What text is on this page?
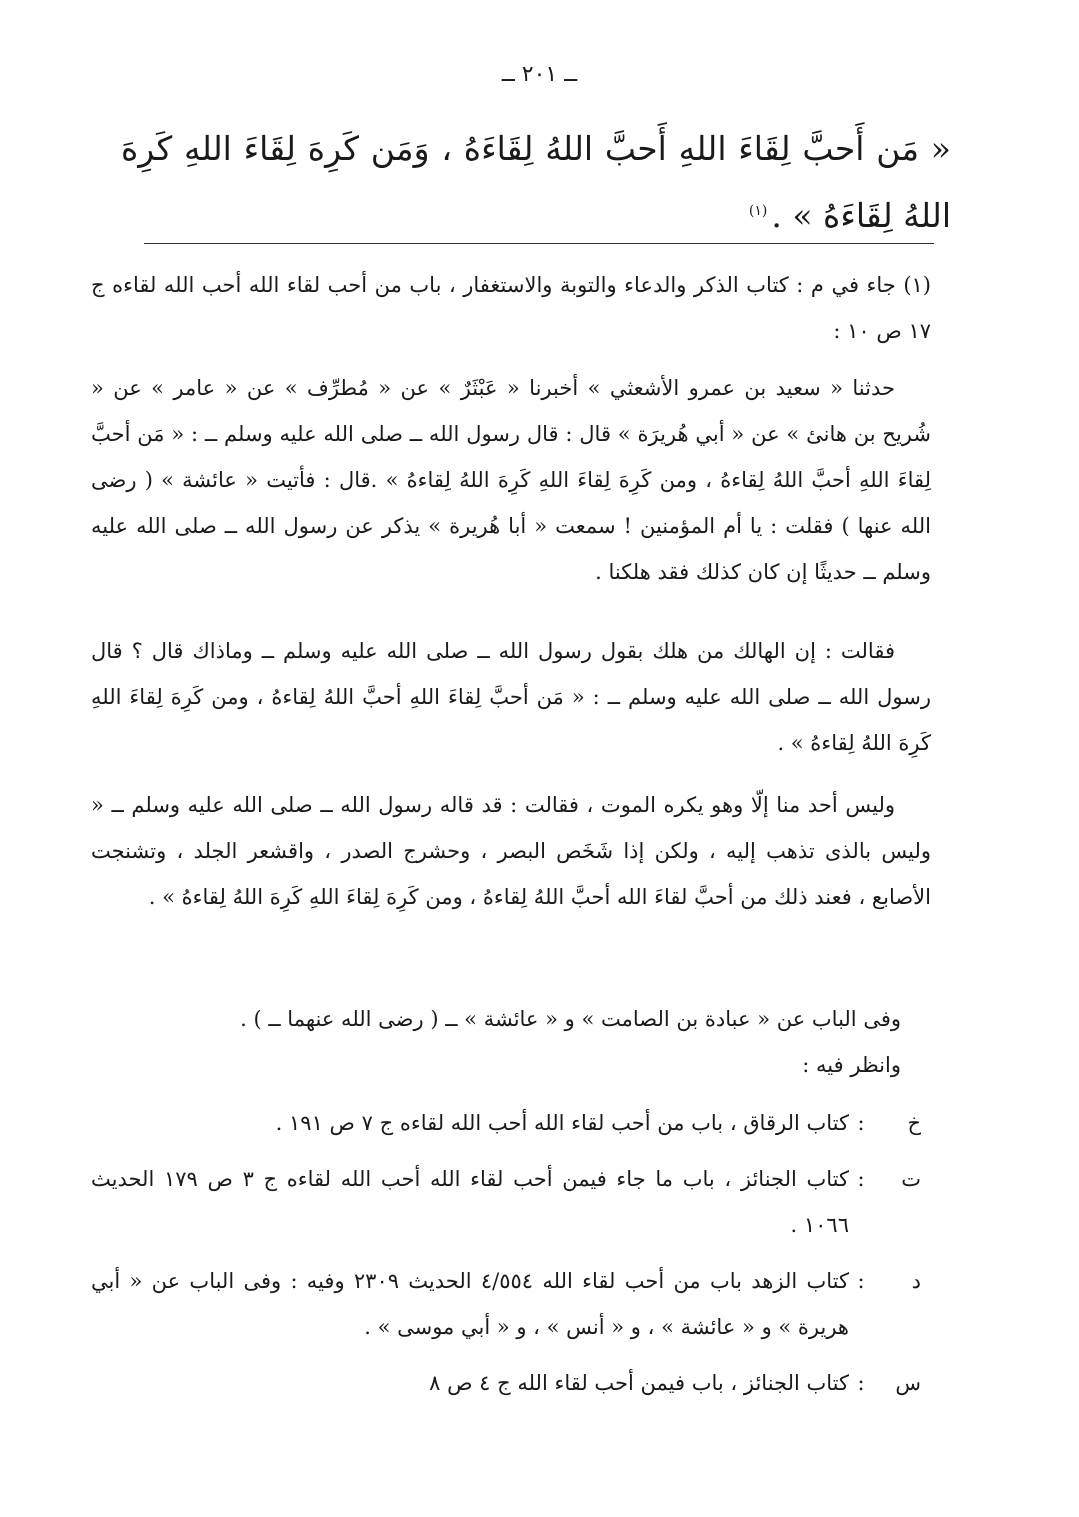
ــ ٢٠١ ــ
« مَن أَحبَّ لِقَاءَ اللهِ أَحبَّ اللهُ لِقَاءَهُ ، وَمَن كَرِهَ لِقَاءَ اللهِ كَرِهَ اللهُ لِقَاءَهُ » .$^{(١)}$
(١) جاء في م : كتاب الذكر والدعاء والتوبة والاستغفار ، باب من أحب لقاء الله أحب الله لقاءه ج ١٧ ص ١٠ :
حدثنا « سعيد بن عمرو الأشعثي » أخبرنا « عَبْثَرٌ » عن « مُطرِّف » عن « عامر » عن « شُريح بن هانئ » عن « أبي هُريرَة » قال : قال رسول الله ــ صلى الله عليه وسلم ــ : « مَن أحبَّ لِقاءَ اللهِ أحبَّ اللهُ لِقاءهُ ، ومن كَرِهَ لِقاءَ اللهِ كَرِهَ اللهُ لِقاءهُ » .قال : فأتيت « عائشة » ( رضى الله عنها ) فقلت : يا أم المؤمنين ! سمعت « أبا هُريرة » يذكر عن رسول الله ــ صلى الله عليه وسلم ــ حديثًا إن كان كذلك فقد هلكنا .
فقالت : إن الهالك من هلك بقول رسول الله ــ صلى الله عليه وسلم ــ وماذاك قال ؟ قال رسول الله ــ صلى الله عليه وسلم ــ : « مَن أحبَّ لِقاءَ اللهِ أحبَّ اللهُ لِقاءهُ ، ومن كَرِهَ لِقاءَ اللهِ كَرِهَ اللهُ لِقاءهُ » .
وليس أحد منا إلّا وهو يكره الموت ، فقالت : قد قاله رسول الله ــ صلى الله عليه وسلم ــ « وليس بالذى تذهب إليه ، ولكن إذا شَخَص البصر ، وحشرج الصدر ، واقشعر الجلد ، وتشنجت الأصابع ، فعند ذلك من أحبَّ لقاءَ الله أحبَّ اللهُ لِقاءهُ ، ومن كَرِهَ لِقاءَ اللهِ كَرِهَ اللهُ لِقاءهُ » .
وفى الباب عن « عبادة بن الصامت » و « عائشة » ــ ( رضى الله عنهما ــ ) .
وانظر فيه :
خ
:
كتاب الرقاق ، باب من أحب لقاء الله أحب الله لقاءه ج ٧ ص ١٩١ .
ت
:
كتاب الجنائز ، باب ما جاء فيمن أحب لقاء الله أحب الله لقاءه ج ٣ ص ١٧٩ الحديث ١٠٦٦ .
د
:
كتاب الزهد باب من أحب لقاء الله ٤/٥٥٤ الحديث ٢٣٠٩ وفيه : وفى الباب عن « أبي هريرة » و « عائشة » ، و « أنس » ، و « أبي موسى » .
س
:
كتاب الجنائز ، باب فيمن أحب لقاء الله ج ٤ ص ٨
